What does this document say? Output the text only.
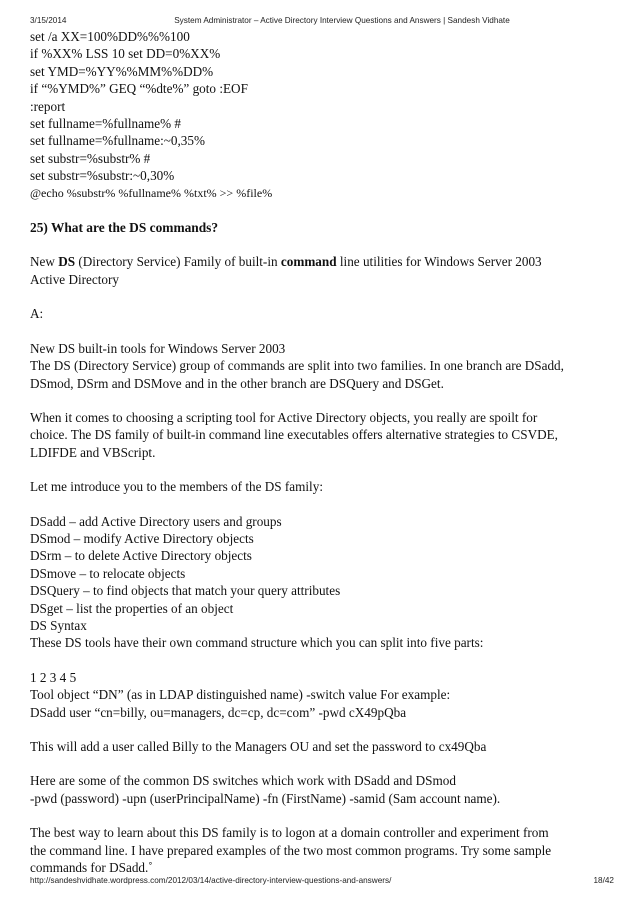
3/15/2014	System Administrator – Active Directory Interview Questions and Answers | Sandesh Vidhate
set /a XX=100%DD%%%100
if %XX% LSS 10 set DD=0%XX%
set YMD=%YY%%MM%%DD%
if “%YMD%” GEQ “%dte%” goto :EOF
:report
set fullname=%fullname% #
set fullname=%fullname:~0,35%
set substr=%substr% #
set substr=%substr:~0,30%
@echo %substr% %fullname% %txt% >> %file%
25) What are the DS commands?

New DS (Directory Service) Family of built-in command line utilities for Windows Server 2003
Active Directory

A:

New DS built-in tools for Windows Server 2003
The DS (Directory Service) group of commands are split into two families. In one branch are DSadd,
DSmod, DSrm and DSMove and in the other branch are DSQuery and DSGet.

When it comes to choosing a scripting tool for Active Directory objects, you really are spoilt for
choice. The DS family of built-in command line executables offers alternative strategies to CSVDE,
LDIFDE and VBScript.

Let me introduce you to the members of the DS family:

DSadd – add Active Directory users and groups
DSmod – modify Active Directory objects
DSrm – to delete Active Directory objects
DSmove – to relocate objects
DSQuery – to find objects that match your query attributes
DSget – list the properties of an object
DS Syntax
These DS tools have their own command structure which you can split into five parts:
1 2 3 4 5
Tool object “DN” (as in LDAP distinguished name) -switch value For example:
DSadd user “cn=billy, ou=managers, dc=cp, dc=com” -pwd cX49pQba

This will add a user called Billy to the Managers OU and set the password to cx49Qba

Here are some of the common DS switches which work with DSadd and DSmod
-pwd (password) -upn (userPrincipalName) -fn (FirstName) -samid (Sam account name).

The best way to learn about this DS family is to logon at a domain controller and experiment from
the command line. I have prepared examples of the two most common programs. Try some sample
commands for DSadd.˚

http://sandeshvidhate.wordpress.com/2012/03/14/active-directory-interview-questions-and-answers/	18/42
